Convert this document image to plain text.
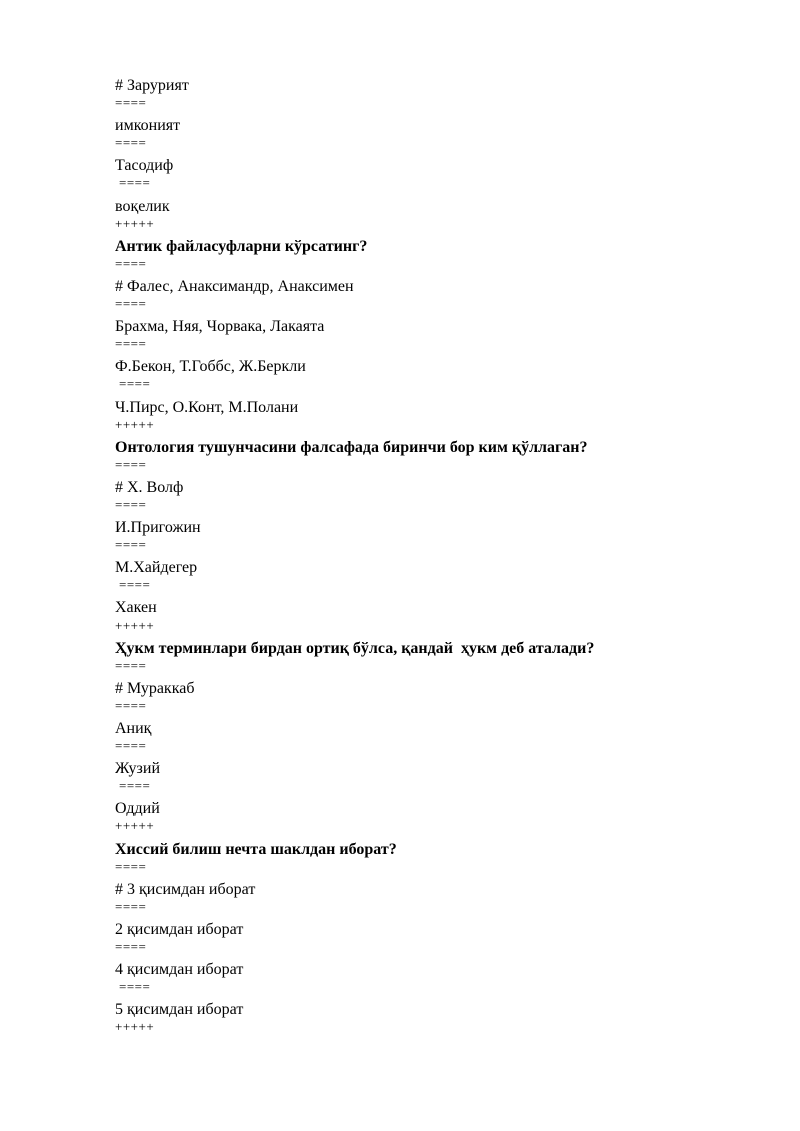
# Зарурият
====
имконият
====
Тасодиф
====
воқелик
+++++
Антик файласуфларни кўрсатинг?
====
# Фалес, Анаксимандр, Анаксимен
====
Брахма, Няя, Чорвака, Лакаята
====
Ф.Бекон, Т.Гоббс, Ж.Беркли
====
Ч.Пирс, О.Конт, М.Полани
+++++
Онтология тушунчасини фалсафада биринчи бор ким қўллаган?
====
# Х. Волф
====
И.Пригожин
====
М.Хайдегер
====
Хакен
+++++
Ҳукм терминлари бирдан ортиқ бўлса, қандай  ҳукм деб аталади?
====
# Мураккаб
====
Аниқ
====
Жузий
====
Оддий
+++++
Хиссий билиш нечта шаклдан иборат?
====
# 3 қисимдан иборат
====
2 қисимдан иборат
====
4 қисимдан иборат
====
5 қисимдан иборат
+++++
